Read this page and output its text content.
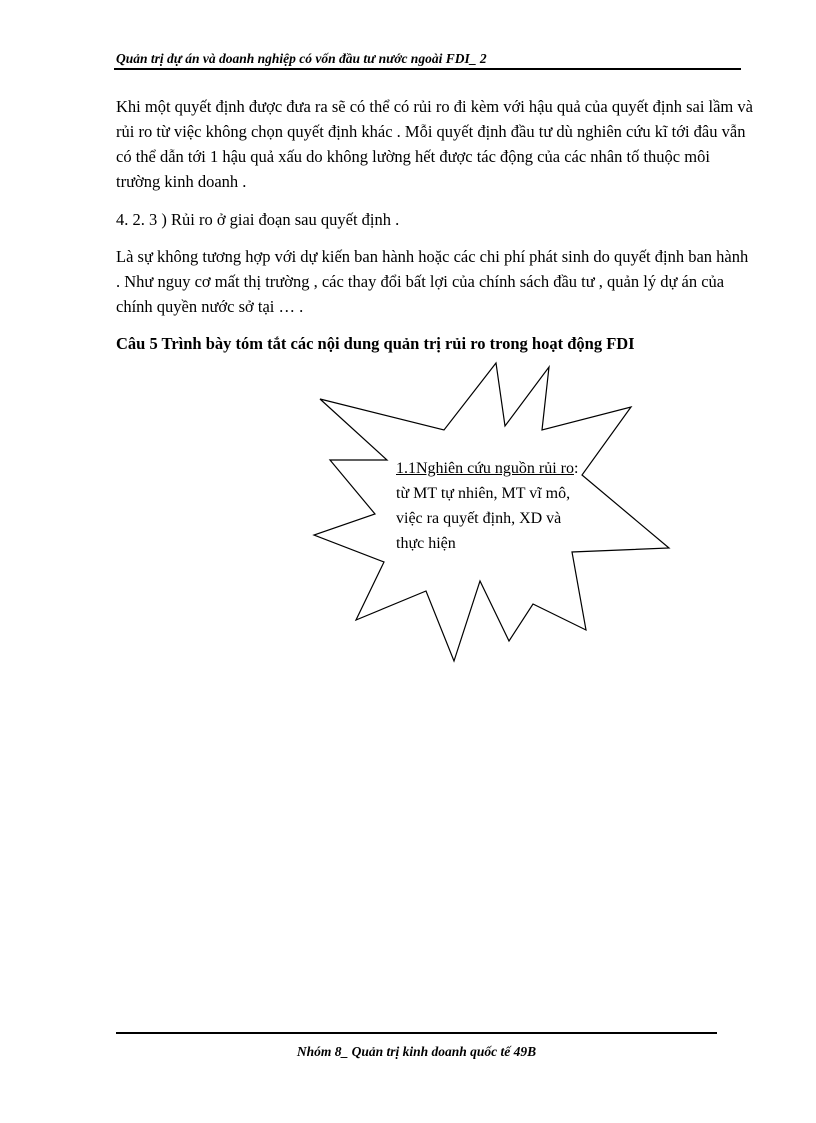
Quản trị dự án và doanh nghiệp có vốn đầu tư nước ngoài FDI_ 2

Khi một quyết định được đưa ra sẽ có thể có rủi ro đi kèm với hậu quả của quyết định sai lầm và rủi ro từ việc không chọn quyết định khác . Mỗi quyết định đầu tư dù nghiên cứu kĩ tới đâu vẫn có thể dẫn tới 1 hậu quả xấu do không lường hết được tác động của các nhân tố thuộc môi trường kinh doanh .

4. 2. 3 ) Rủi ro ở giai đoạn sau quyết định .

Là sự không tương hợp với dự kiến ban hành hoặc các chi phí phát sinh do quyết định ban hành . Như nguy cơ mất thị trường , các thay đổi bất lợi của chính sách đầu tư , quản lý dự án của chính quyền nước sở tại … .

Câu 5 Trình bày tóm tắt các nội dung quản trị rủi ro trong hoạt động FDI
1.1Nghiên cứu nguồn rủi ro: từ MT tự nhiên, MT vĩ mô, việc ra quyết định, XD và thực hiện
Nhóm 8_ Quản trị kinh doanh quốc tế 49B
